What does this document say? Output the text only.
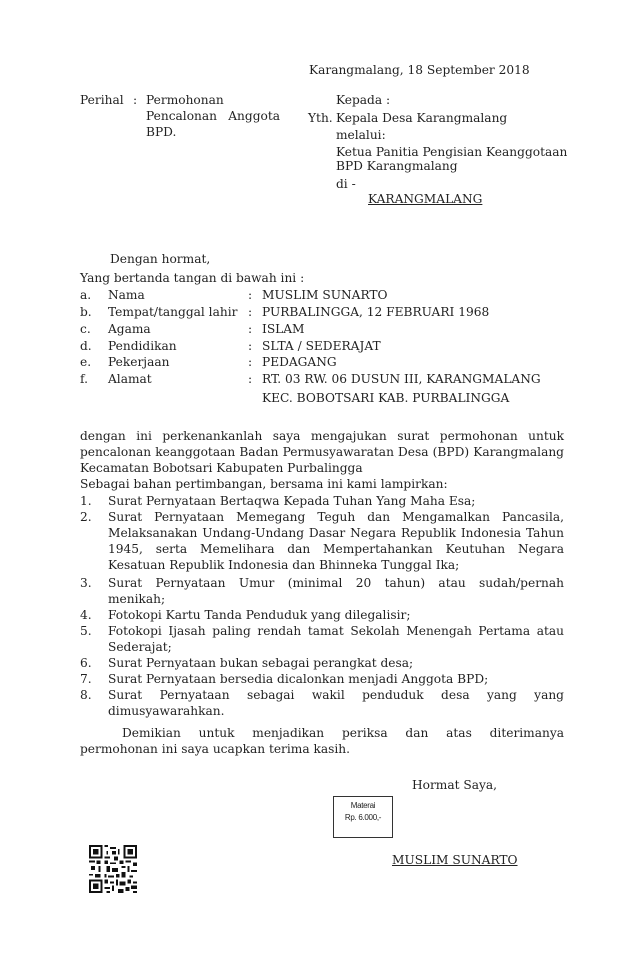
Karangmalang, 18 September 2018
Perihal : Permohonan
Pencalonan Anggota
BPD.
Kepada :
Yth. Kepala Desa Karangmalang
melalui:
Ketua Panitia Pengisian Keanggotaan
BPD Karangmalang
di -
KARANGMALANG
Dengan hormat,
Yang bertanda tangan di bawah ini :
a. Nama	: MUSLIM SUNARTO
b. Tempat/tanggal lahir : PURBALINGGA, 12 FEBRUARI 1968
c. Agama	: ISLAM
d. Pendidikan	: SLTA / SEDERAJAT
e. Pekerjaan	: PEDAGANG
f. Alamat	: RT. 03 RW. 06 DUSUN III, KARANGMALANG
KEC. BOBOTSARI KAB. PURBALINGGA
dengan ini perkenankanlah saya mengajukan surat permohonan untuk
pencalonan keanggotaan Badan Permusyawaratan Desa (BPD) Karangmalang
Kecamatan Bobotsari Kabupaten Purbalingga
Sebagai bahan pertimbangan, bersama ini kami lampirkan:
1. Surat Pernyataan Bertaqwa Kepada Tuhan Yang Maha Esa;
2. Surat Pernyataan Memegang Teguh dan Mengamalkan Pancasila,
Melaksanakan Undang-Undang Dasar Negara Republik Indonesia Tahun
1945, serta Memelihara dan Mempertahankan Keutuhan Negara
Kesatuan Republik Indonesia dan Bhinneka Tunggal Ika;
3. Surat Pernyataan Umur (minimal 20 tahun) atau sudah/pernah
menikah;
4. Fotokopi Kartu Tanda Penduduk yang dilegalisir;
5. Fotokopi Ijasah paling rendah tamat Sekolah Menengah Pertama atau
Sederajat;
6. Surat Pernyataan bukan sebagai perangkat desa;
7. Surat Pernyataan bersedia dicalonkan menjadi Anggota BPD;
8. Surat Pernyataan sebagai wakil penduduk desa yang yang
dimusyawarahkan.
Demikian untuk menjadikan periksa dan atas diterimanya
permohonan ini saya ucapkan terima kasih.
Hormat Saya,
Materai
Rp. 6.000,-
MUSLIM SUNARTO
